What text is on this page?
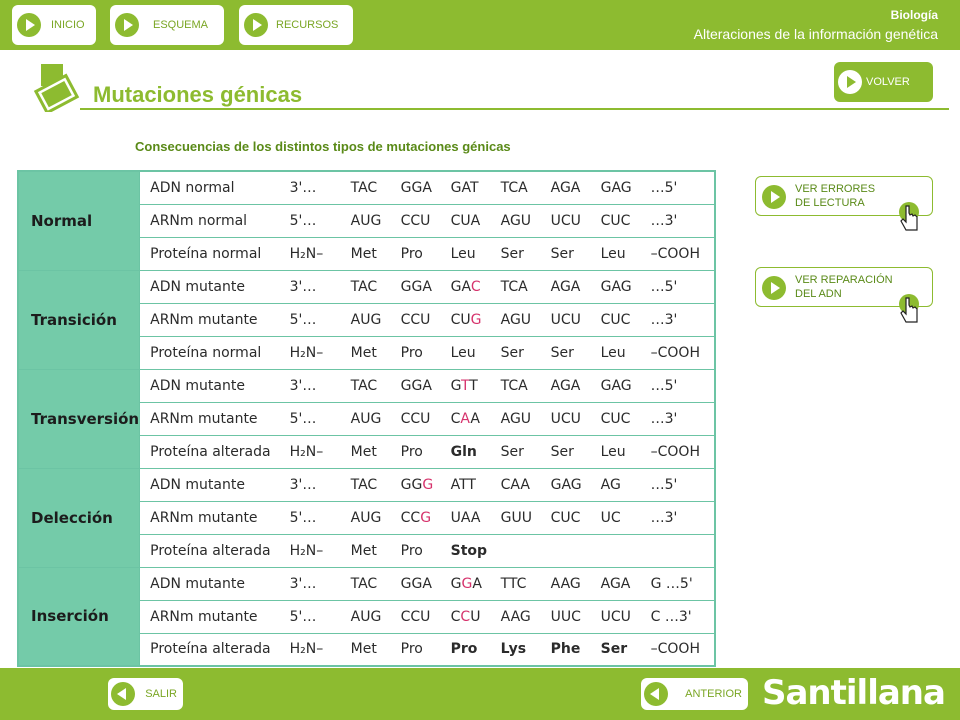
INICIO	ESQUEMA	RECURSOS
Biología
Alteraciones de la información genética
Mutaciones génicas	VOLVER
Consecuencias de los distintos tipos de mutaciones génicas
Normal	ADN normal	3'… TAC GGA GAT TCA AGA GAG …5'
	ARNm normal	5'… AUG CCU CUA AGU UCU CUC …3'
	Proteína normal	H₂N– Met Pro Leu Ser Ser Leu –COOH
Transición	ADN mutante	3'… TAC GGA GAC TCA AGA GAG …5'
	ARNm mutante	5'… AUG CCU CUG AGU UCU CUC …3'
	Proteína normal	H₂N– Met Pro Leu Ser Ser Leu –COOH
Transversión	ADN mutante	3'… TAC GGA GTT TCA AGA GAG …5'
	ARNm mutante	5'… AUG CCU CAA AGU UCU CUC …3'
	Proteína alterada	H₂N– Met Pro Gln Ser Ser Leu –COOH
Delección	ADN mutante	3'… TAC GGG ATT CAA GAG AG …5'
	ARNm mutante	5'… AUG CCG UAA GUU CUC UC …3'
	Proteína alterada	H₂N– Met Pro Stop
Inserción	ADN mutante	3'… TAC GGA GGA TTC AAG AGA G …5'
	ARNm mutante	5'… AUG CCU CCU AAG UUC UCU C …3'
	Proteína alterada	H₂N– Met Pro Pro Lys Phe Ser –COOH
VER ERRORES
DE LECTURA
VER REPARACIÓN
DEL ADN
SALIR	ANTERIOR Santillana
